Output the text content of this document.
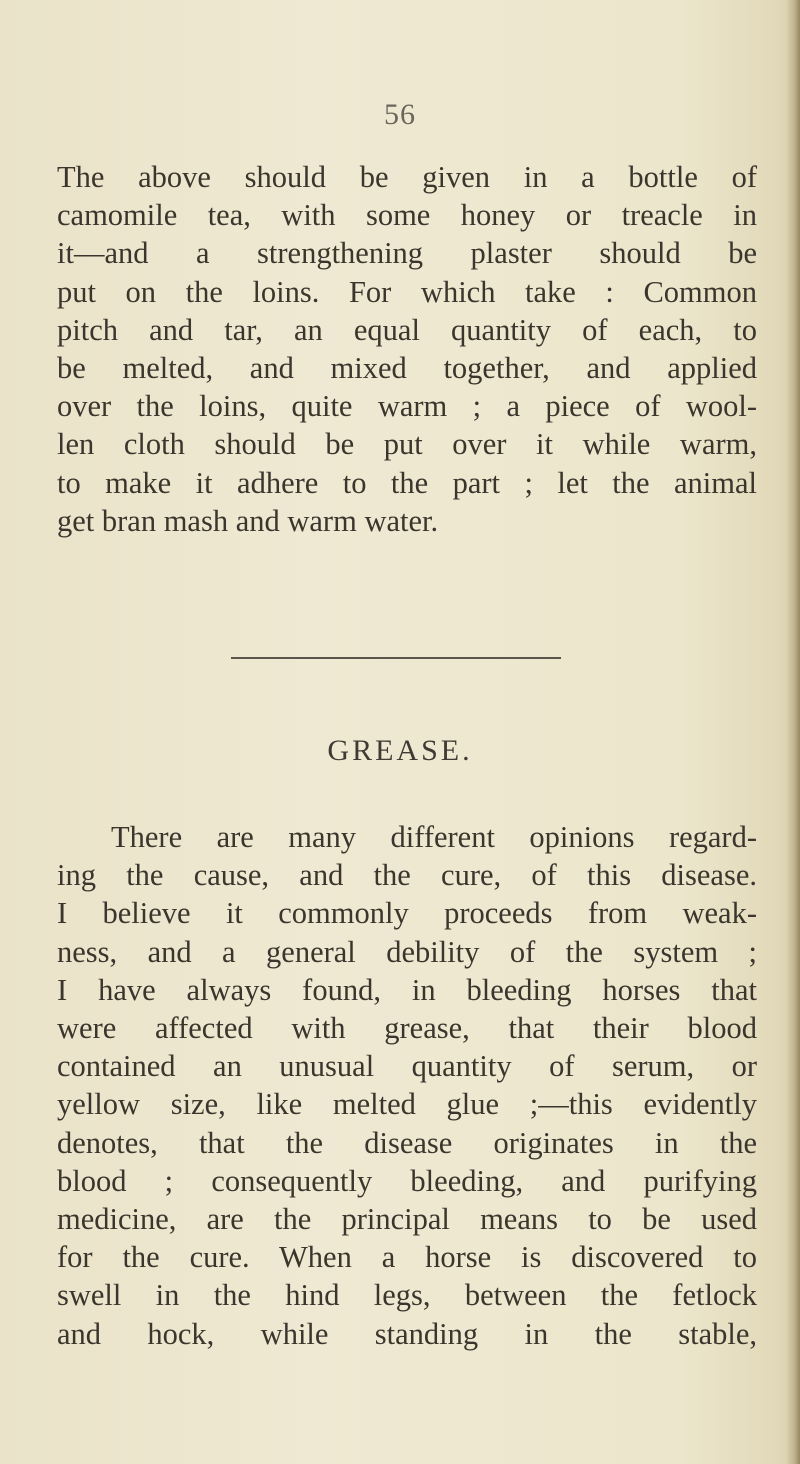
56
The above should be given in a bottle of
camomile tea, with some honey or treacle in
it—and a strengthening plaster should be
put on the loins. For which take : Common
pitch and tar, an equal quantity of each, to
be melted, and mixed together, and applied
over the loins, quite warm ; a piece of wool-
len cloth should be put over it while warm,
to make it adhere to the part ; let the animal
get bran mash and warm water.
GREASE.
There are many different opinions regard-
ing the cause, and the cure, of this disease.
I believe it commonly proceeds from weak-
ness, and a general debility of the system ;
I have always found, in bleeding horses that
were affected with grease, that their blood
contained an unusual quantity of serum, or
yellow size, like melted glue ;—this evidently
denotes, that the disease originates in the
blood ; consequently bleeding, and purifying
medicine, are the principal means to be used
for the cure. When a horse is discovered to
swell in the hind legs, between the fetlock
and hock, while standing in the stable,
